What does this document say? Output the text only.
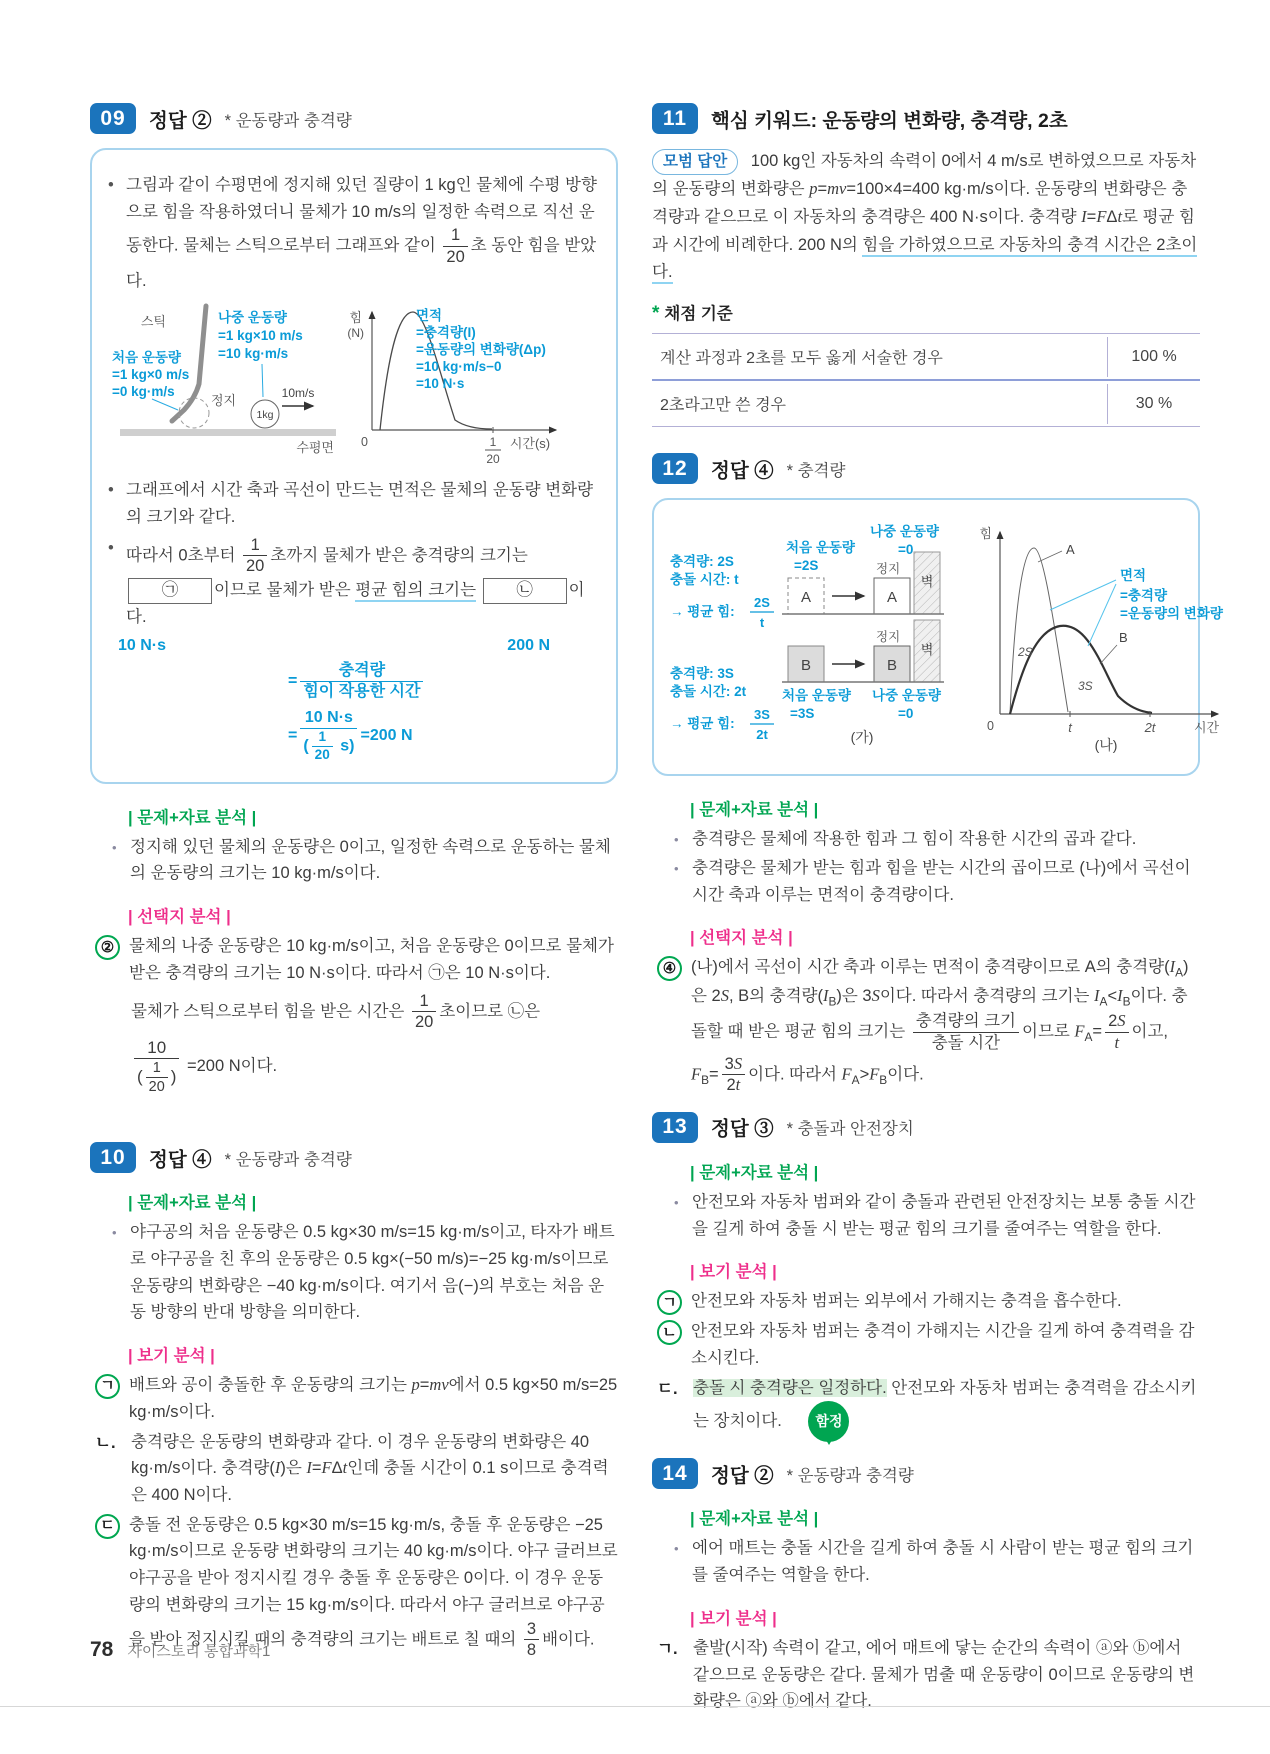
09	정답 ② * 운동량과 충격량
• 그림과 같이 수평면에 정지해 있던 질량이 1 kg인 물체에 수평 방향으로 힘을 작용하였더니 물체가 10 m/s의 일정한 속력으로 직선 운동한다. 물체는 스틱으로부터 그래프와 같이 $\frac{1}{20}$ 초 동안 힘을 받았다.
수평면
스틱
정지
1kg
10m/s
처음 운동량
=1 kg×0 m/s
=0 kg·m/s
나중 운동량
=1 kg×10 m/s
=10 kg·m/s
힘
(N)
0	1
20
시간(s)
면적
=충격량(I)
=운동량의 변화량(Δp)
=10 kg·m/s−0
=10 N·s
• 그래프에서 시간 축과 곡선이 만드는 면적은 물체의 운동량 변화량의 크기와 같다.
• 따라서 0초부터 $\frac{1}{20}$ 초까지 물체가 받은 충격량의 크기는 ㉠ 이므로 물체가 받은 평균 힘의 크기는 ㉡ 이다.
10 N·s	200 N
=
충격량
힘이 작용한 시간
= $\frac{10 N\cdot s}{( \frac{1}{20} s)} =200$ N
| 문제+자료 분석 |
• 정지해 있던 물체의 운동량은 0이고, 일정한 속력으로 운동하는 물체의 운동량의 크기는 10 kg·m/s이다.
| 선택지 분석 |
② 물체의 나중 운동량은 10 kg·m/s이고, 처음 운동량은 0이므로 물체가 받은 충격량의 크기는 10 N·s이다. 따라서 ㉠은 10 N·s이다.
물체가 스틱으로부터 힘을 받은 시간은 $\frac{1}{20}$ 초이므로 ㉡은
$\frac{10}{( \frac{1}{20} )} =200$ N이다.
10	정답 ④ * 운동량과 충격량
| 문제+자료 분석 |
• 야구공의 처음 운동량은 0.5 kg×30 m/s=15 kg·m/s이고, 타자가 배트로 야구공을 친 후의 운동량은 0.5 kg×(−50 m/s)=−25 kg·m/s이므로 운동량의 변화량은 −40 kg·m/s이다. 여기서 음(−)의 부호는 처음 운동 방향의 반대 방향을 의미한다.
| 보기 분석 |
ㄱ 배트와 공이 충돌한 후 운동량의 크기는 p=mv에서 0.5 kg×50 m/s=25 kg·m/s이다.
ㄴ. 충격량은 운동량의 변화량과 같다. 이 경우 운동량의 변화량은 40 kg·m/s이다. 충격량(I)은 I=FΔt인데 충돌 시간이 0.1 s이므로 충격력은 400 N이다.
ㄷ 충돌 전 운동량은 0.5 kg×30 m/s=15 kg·m/s, 충돌 후 운동량은 −25 kg·m/s이므로 운동량 변화량의 크기는 40 kg·m/s이다. 야구 글러브로 야구공을 받아 정지시킬 경우 충돌 후 운동량은 0이다. 이 경우 운동량의 변화량의 크기는 15 kg·m/s이다. 따라서 야구 글러브로 야구공을 받아 정지시킬 때의 충격량의 크기는 배트로 칠 때의 $\frac{3}{8}$ 배이다.
11	핵심 키워드: 운동량의 변화량, 충격량, 2초
모범 답안 100 kg인 자동차의 속력이 0에서 4 m/s로 변하였으므로 자동차의 운동량의 변화량은 p=mv=100×4=400 kg·m/s이다. 운동량의 변화량은 충격량과 같으므로 이 자동차의 충격량은 400 N·s이다. 충격량 I=FΔt로 평균 힘과 시간에 비례한다. 200 N의 힘을 가하였으므로 자동차의 충격 시간은 2초이다.
* 채점 기준
계산 과정과 2초를 모두 옳게 서술한 경우	100 %
2초라고만 쓴 경우	30 %
12	정답 ④ * 충격량
충격량: 2S
충돌 시간: t
→ 평균 힘:
2S
t
충격량: 3S
충돌 시간: 2t
→ 평균 힘:
3S
2t
나중 운동량
=0
처음 운동량
=2S
A	A
정지
벽
B	B
정지
벽
처음 운동량
=3S
나중 운동량
=0
(가)
힘
2S
3S
A
B
0	t	2t	시간
면적
=충격량
=운동량의 변화량
(나)
| 문제+자료 분석 |
• 충격량은 물체에 작용한 힘과 그 힘이 작용한 시간의 곱과 같다.
• 충격량은 물체가 받는 힘과 힘을 받는 시간의 곱이므로 (나)에서 곡선이 시간 축과 이루는 면적이 충격량이다.
| 선택지 분석 |
④ (나)에서 곡선이 시간 축과 이루는 면적이 충격량이므로 A의 충격량$(I_A)$은 2S, B의 충격량$(I_B)$은 3S이다. 따라서 충격량의 크기는 $I_A<I_B$이다. 충돌할 때 받은 평균 힘의 크기는
충격량의 크기
충돌 시간
이므로 $F_A= \frac{2S}{t}$ 이고, $F_B= \frac{3S}{2t}$ 이다. 따라서 $F_A>F_B$이다.
13	정답 ③ * 충돌과 안전장치
| 문제+자료 분석 |
• 안전모와 자동차 범퍼와 같이 충돌과 관련된 안전장치는 보통 충돌 시간을 길게 하여 충돌 시 받는 평균 힘의 크기를 줄여주는 역할을 한다.
| 보기 분석 |
ㄱ 안전모와 자동차 범퍼는 외부에서 가해지는 충격을 흡수한다.
ㄴ 안전모와 자동차 범퍼는 충격이 가해지는 시간을 길게 하여 충격력을 감소시킨다.
ㄷ. 충돌 시 충격량은 일정하다. 안전모와 자동차 범퍼는 충격력을 감소시키는 장치이다. 함정
14	정답 ② * 운동량과 충격량
| 문제+자료 분석 |
• 에어 매트는 충돌 시간을 길게 하여 충돌 시 사람이 받는 평균 힘의 크기를 줄여주는 역할을 한다.
| 보기 분석 |
ㄱ. 출발(시작) 속력이 같고, 에어 매트에 닿는 순간의 속력이 ⓐ와 ⓑ에서 같으므로 운동량은 같다. 물체가 멈출 때 운동량이 0이므로 운동량의 변화량은 ⓐ와 ⓑ에서 같다.
78 자이스토리 통합과학1
